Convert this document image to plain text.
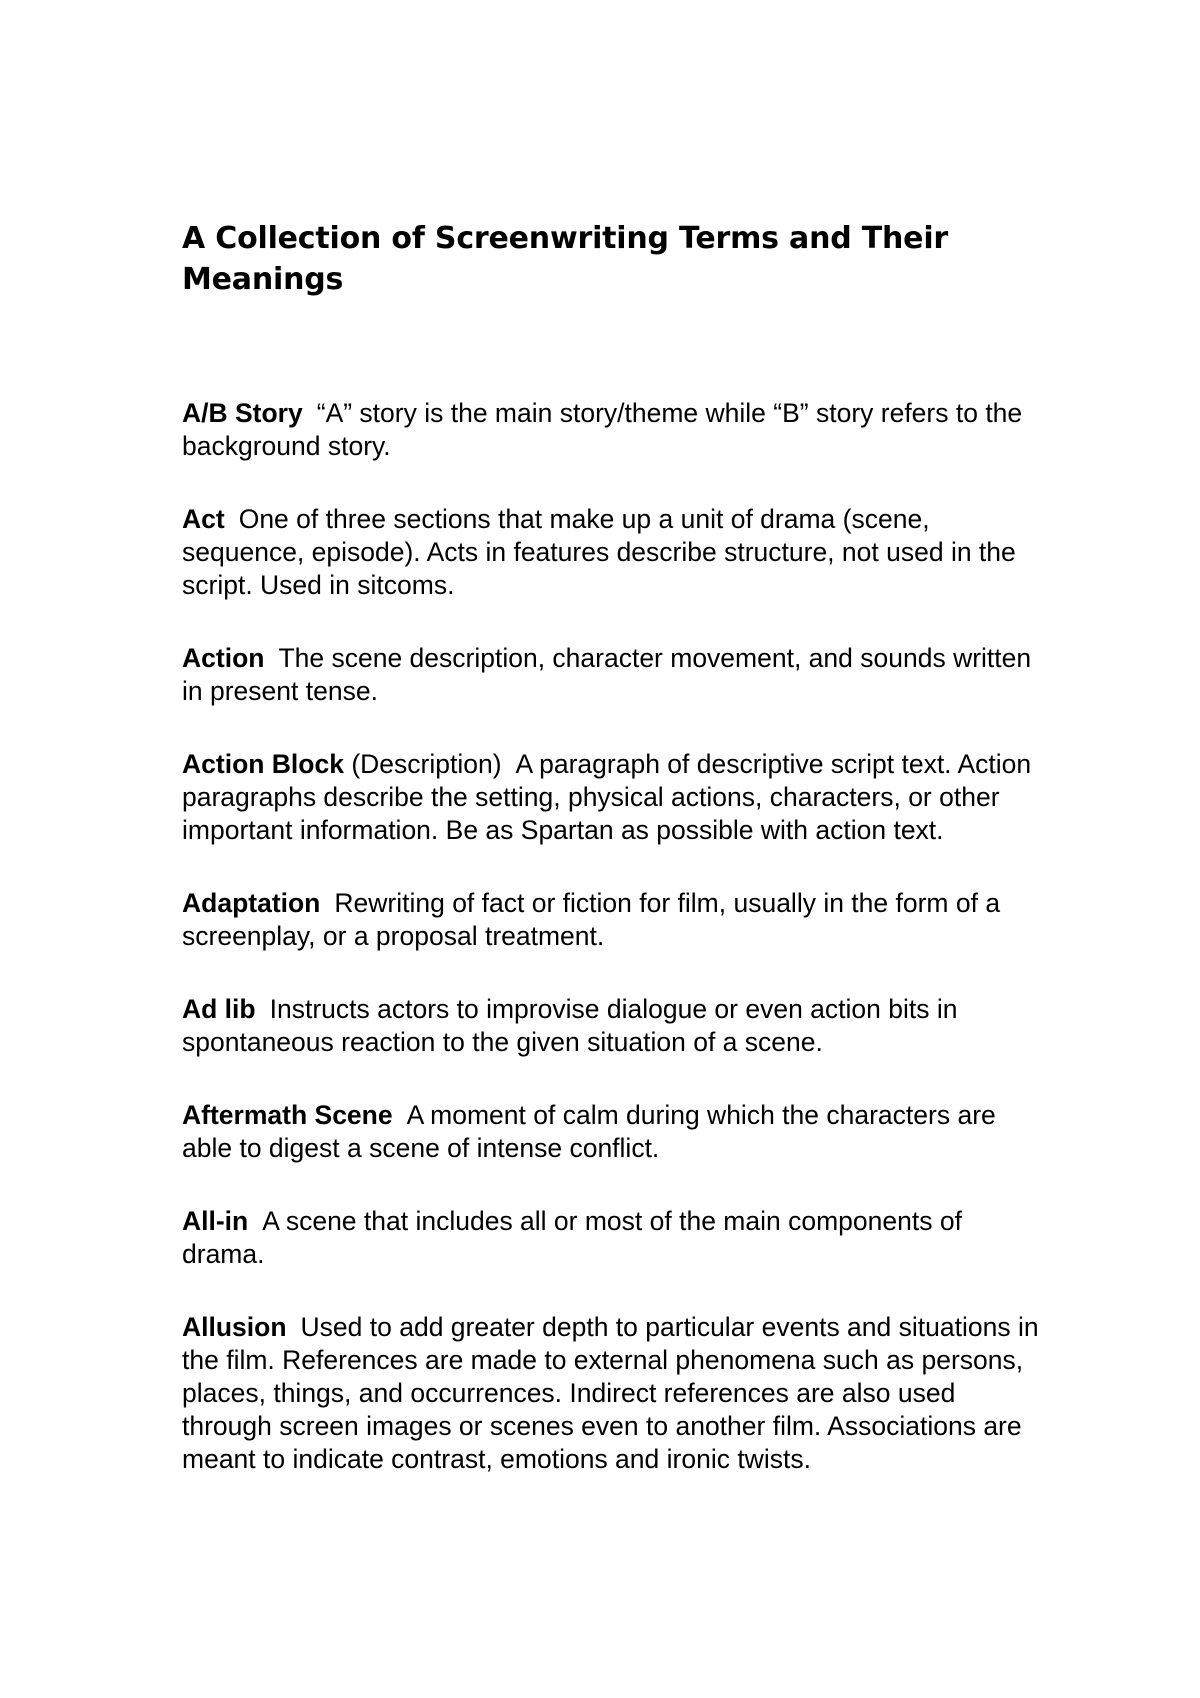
A Collection of Screenwriting Terms and Their Meanings

A/B Story “A” story is the main story/theme while “B” story refers to the background story.

Act One of three sections that make up a unit of drama (scene, sequence, episode). Acts in features describe structure, not used in the script. Used in sitcoms.

Action The scene description, character movement, and sounds written in present tense.

Action Block (Description) A paragraph of descriptive script text. Action paragraphs describe the setting, physical actions, characters, or other important information. Be as Spartan as possible with action text.

Adaptation Rewriting of fact or fiction for film, usually in the form of a screenplay, or a proposal treatment.

Ad lib Instructs actors to improvise dialogue or even action bits in spontaneous reaction to the given situation of a scene.

Aftermath Scene A moment of calm during which the characters are able to digest a scene of intense conflict.

All-in A scene that includes all or most of the main components of drama.

Allusion Used to add greater depth to particular events and situations in the film. References are made to external phenomena such as persons, places, things, and occurrences. Indirect references are also used through screen images or scenes even to another film. Associations are meant to indicate contrast, emotions and ironic twists.
